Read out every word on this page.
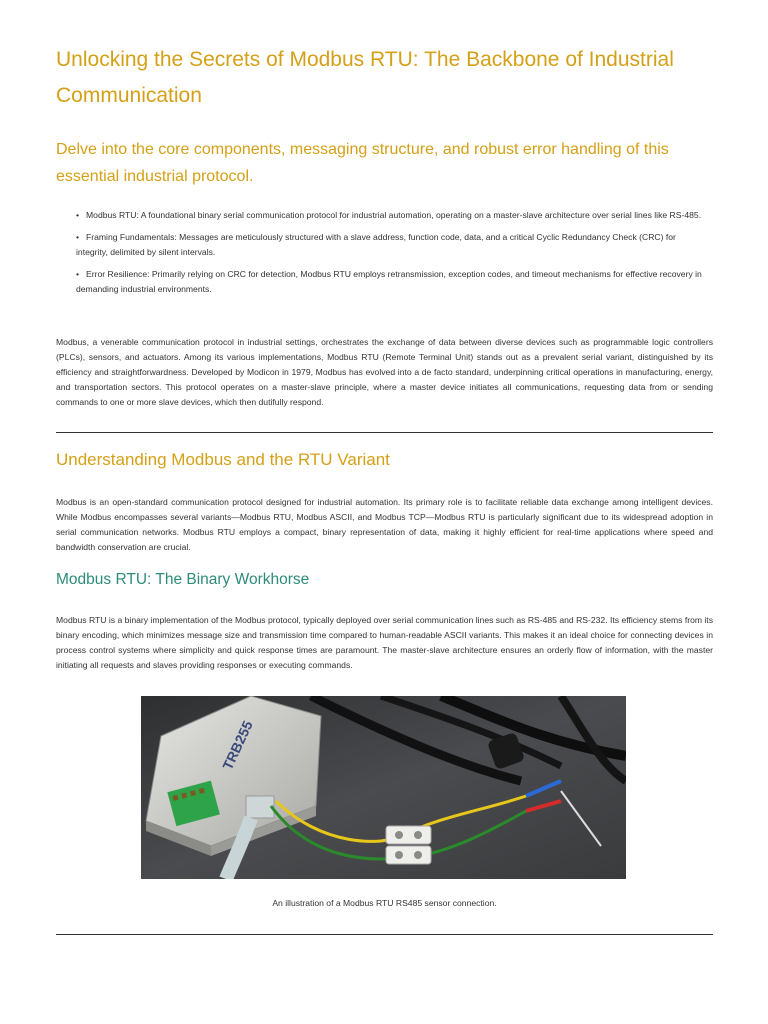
Unlocking the Secrets of Modbus RTU: The Backbone of Industrial Communication

Delve into the core components, messaging structure, and robust error handling of this essential industrial protocol.

• Modbus RTU: A foundational binary serial communication protocol for industrial automation, operating on a master-slave architecture over serial lines like RS-485.
• Framing Fundamentals: Messages are meticulously structured with a slave address, function code, data, and a critical Cyclic Redundancy Check (CRC) for integrity, delimited by silent intervals.
• Error Resilience: Primarily relying on CRC for detection, Modbus RTU employs retransmission, exception codes, and timeout mechanisms for effective recovery in demanding industrial environments.

Modbus, a venerable communication protocol in industrial settings, orchestrates the exchange of data between diverse devices such as programmable logic controllers (PLCs), sensors, and actuators. Among its various implementations, Modbus RTU (Remote Terminal Unit) stands out as a prevalent serial variant, distinguished by its efficiency and straightforwardness. Developed by Modicon in 1979, Modbus has evolved into a de facto standard, underpinning critical operations in manufacturing, energy, and transportation sectors. This protocol operates on a master-slave principle, where a master device initiates all communications, requesting data from or sending commands to one or more slave devices, which then dutifully respond.

Understanding Modbus and the RTU Variant

Modbus is an open-standard communication protocol designed for industrial automation. Its primary role is to facilitate reliable data exchange among intelligent devices. While Modbus encompasses several variants—Modbus RTU, Modbus ASCII, and Modbus TCP—Modbus RTU is particularly significant due to its widespread adoption in serial communication networks. Modbus RTU employs a compact, binary representation of data, making it highly efficient for real-time applications where speed and bandwidth conservation are crucial.

Modbus RTU: The Binary Workhorse

Modbus RTU is a binary implementation of the Modbus protocol, typically deployed over serial communication lines such as RS-485 and RS-232. Its efficiency stems from its binary encoding, which minimizes message size and transmission time compared to human-readable ASCII variants. This makes it an ideal choice for connecting devices in process control systems where simplicity and quick response times are paramount. The master-slave architecture ensures an orderly flow of information, with the master initiating all requests and slaves providing responses or executing commands.

TRB255

An illustration of a Modbus RTU RS485 sensor connection.
